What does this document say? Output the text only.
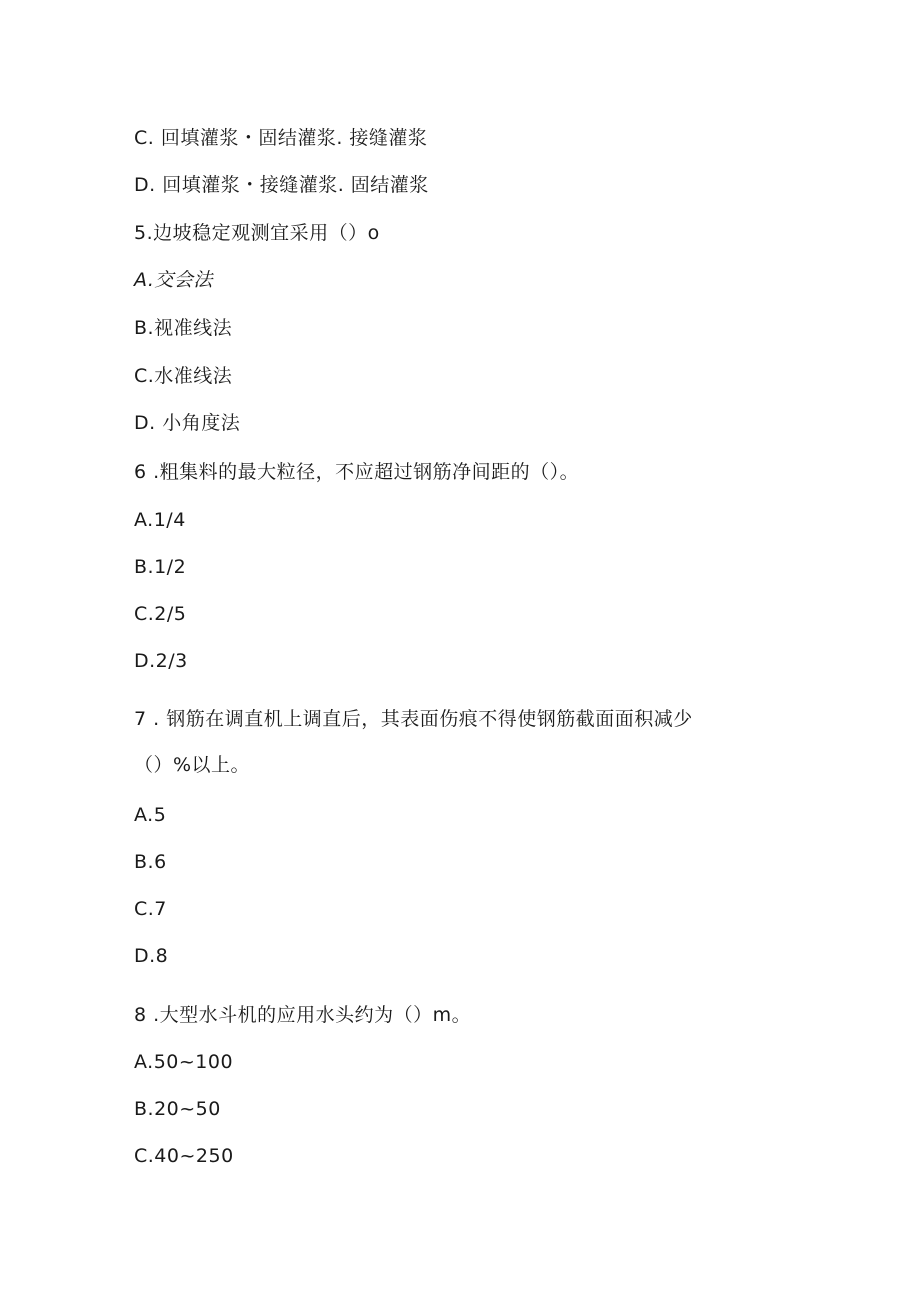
C. 回填灌浆・固结灌浆. 接缝灌浆
D. 回填灌浆・接缝灌浆. 固结灌浆
5.边坡稳定观测宜采用（）o
A.交会法
B.视准线法
C.水准线法
D. 小角度法
6 .粗集料的最大粒径，不应超过钢筋净间距的（）。
A.1/4
B.1/2
C.2/5
D.2/3
7 . 钢筋在调直机上调直后，其表面伤痕不得使钢筋截面面积减少
（）%以上。
A.5
B.6
C.7
D.8
8 .大型水斗机的应用水头约为（）m。
A.50~100
B.20~50
C.40~250
